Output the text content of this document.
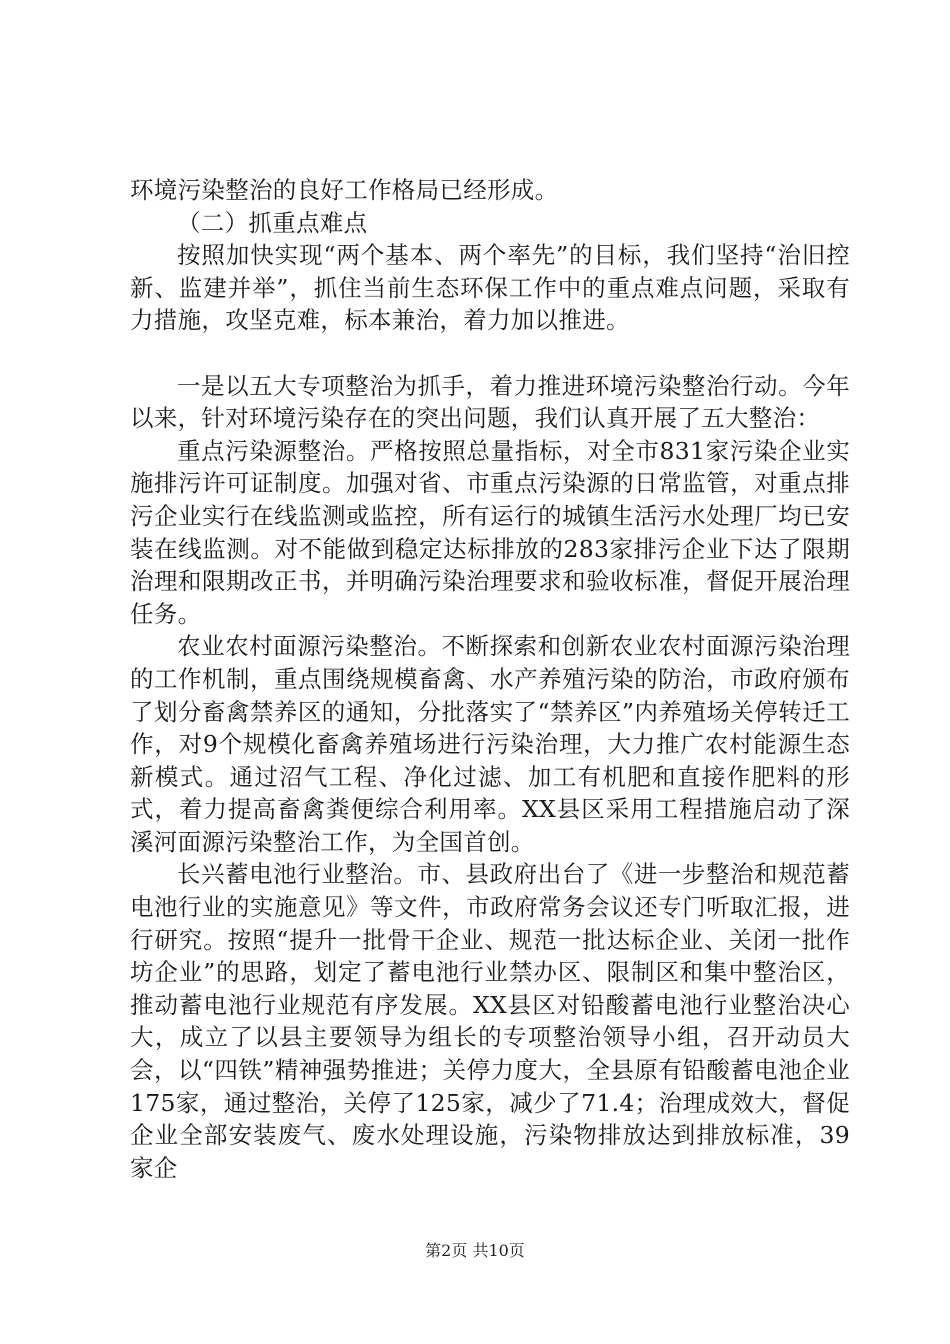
环境污染整治的良好工作格局已经形成。

（二）抓重点难点

按照加快实现“两个基本、两个率先”的目标，我们坚持“治旧控新、监建并举”，抓住当前生态环保工作中的重点难点问题，采取有力措施，攻坚克难，标本兼治，着力加以推进。

一是以五大专项整治为抓手，着力推进环境污染整治行动。今年以来，针对环境污染存在的突出问题，我们认真开展了五大整治：

重点污染源整治。严格按照总量指标，对全市831家污染企业实施排污许可证制度。加强对省、市重点污染源的日常监管，对重点排污企业实行在线监测或监控，所有运行的城镇生活污水处理厂均已安装在线监测。对不能做到稳定达标排放的283家排污企业下达了限期治理和限期改正书，并明确污染治理要求和验收标准，督促开展治理任务。

农业农村面源污染整治。不断探索和创新农业农村面源污染治理的工作机制，重点围绕规模畜禽、水产养殖污染的防治，市政府颁布了划分畜禽禁养区的通知，分批落实了“禁养区”内养殖场关停转迁工作，对9个规模化畜禽养殖场进行污染治理，大力推广农村能源生态新模式。通过沼气工程、净化过滤、加工有机肥和直接作肥料的形式，着力提高畜禽粪便综合利用率。XX县区采用工程措施启动了深溪河面源污染整治工作，为全国首创。

长兴蓄电池行业整治。市、县政府出台了《进一步整治和规范蓄电池行业的实施意见》等文件，市政府常务会议还专门听取汇报，进行研究。按照“提升一批骨干企业、规范一批达标企业、关闭一批作坊企业”的思路，划定了蓄电池行业禁办区、限制区和集中整治区，推动蓄电池行业规范有序发展。XX县区对铅酸蓄电池行业整治决心大，成立了以县主要领导为组长的专项整治领导小组，召开动员大会，以“四铁”精神强势推进；关停力度大，全县原有铅酸蓄电池企业175家，通过整治，关停了125家，减少了71.4；治理成效大，督促企业全部安装废气、废水处理设施，污染物排放达到排放标准，39家企

第2页 共10页
